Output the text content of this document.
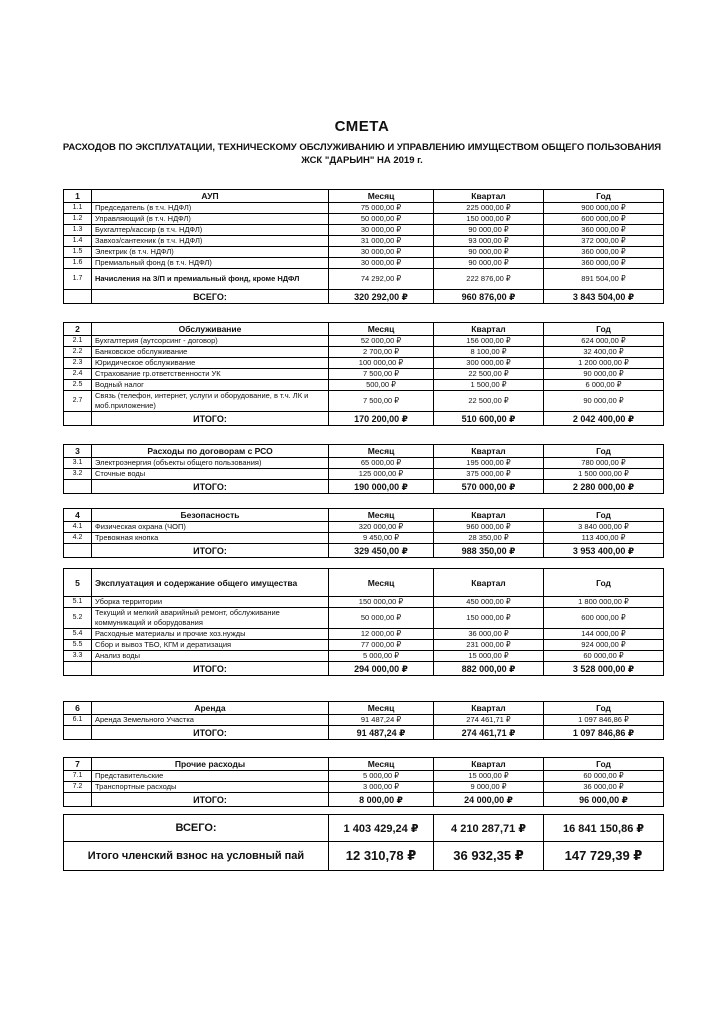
СМЕТА
РАСХОДОВ ПО ЭКСПЛУАТАЦИИ, ТЕХНИЧЕСКОМУ ОБСЛУЖИВАНИЮ И УПРАВЛЕНИЮ ИМУЩЕСТВОМ ОБЩЕГО ПОЛЬЗОВАНИЯ ЖСК "ДАРЬИН" НА 2019 г.
1	АУП	Месяц	Квартал	Год
1.1	Председатель (в т.ч. НДФЛ)	75 000,00 ₽	225 000,00 ₽	900 000,00 ₽
1.2	Управляющий (в т.ч. НДФЛ)	50 000,00 ₽	150 000,00 ₽	600 000,00 ₽
1.3	Бухгалтер/кассир (в т.ч. НДФЛ)	30 000,00 ₽	90 000,00 ₽	360 000,00 ₽
1.4	Завхоз/сантехник (в т.ч. НДФЛ)	31 000,00 ₽	93 000,00 ₽	372 000,00 ₽
1.5	Электрик (в т.ч. НДФЛ)	30 000,00 ₽	90 000,00 ₽	360 000,00 ₽
1.6	Премиальный фонд (в т.ч. НДФЛ)	30 000,00 ₽	90 000,00 ₽	360 000,00 ₽
1.7	Начисления на З/П и премиальный фонд, кроме НДФЛ	74 292,00 ₽	222 876,00 ₽	891 504,00 ₽
	ВСЕГО:	320 292,00 ₽	960 876,00 ₽	3 843 504,00 ₽
2	Обслуживание	Месяц	Квартал	Год
2.1	Бухгалтерия (аутсорсинг - договор)	52 000,00 ₽	156 000,00 ₽	624 000,00 ₽
2.2	Банковское обслуживание	2 700,00 ₽	8 100,00 ₽	32 400,00 ₽
2.3	Юридическое обслуживание	100 000,00 ₽	300 000,00 ₽	1 200 000,00 ₽
2.4	Страхование гр.ответственности УК	7 500,00 ₽	22 500,00 ₽	90 000,00 ₽
2.5	Водный налог	500,00 ₽	1 500,00 ₽	6 000,00 ₽
2.7	Связь (телефон, интернет, услуги и оборудование, в т.ч. ЛК и моб.приложение)	7 500,00 ₽	22 500,00 ₽	90 000,00 ₽
	ИТОГО:	170 200,00 ₽	510 600,00 ₽	2 042 400,00 ₽
3	Расходы по договорам с РСО	Месяц	Квартал	Год
3.1	Электроэнергия (объекты общего пользования)	65 000,00 ₽	195 000,00 ₽	780 000,00 ₽
3.2	Сточные воды	125 000,00 ₽	375 000,00 ₽	1 500 000,00 ₽
	ИТОГО:	190 000,00 ₽	570 000,00 ₽	2 280 000,00 ₽
4	Безопасность	Месяц	Квартал	Год
4.1	Физическая охрана (ЧОП)	320 000,00 ₽	960 000,00 ₽	3 840 000,00 ₽
4.2	Тревожная кнопка	9 450,00 ₽	28 350,00 ₽	113 400,00 ₽
	ИТОГО:	329 450,00 ₽	988 350,00 ₽	3 953 400,00 ₽
5	Эксплуатация и содержание общего имущества	Месяц	Квартал	Год
5.1	Уборка территории	150 000,00 ₽	450 000,00 ₽	1 800 000,00 ₽
5.2	Текущий и мелкий аварийный ремонт, обслуживание коммуникаций и оборудования	50 000,00 ₽	150 000,00 ₽	600 000,00 ₽
5.4	Расходные материалы и прочие хоз.нужды	12 000,00 ₽	36 000,00 ₽	144 000,00 ₽
5.5	Сбор и вывоз ТБО, КГМ и дератизация	77 000,00 ₽	231 000,00 ₽	924 000,00 ₽
3.3	Анализ воды	5 000,00 ₽	15 000,00 ₽	60 000,00 ₽
	ИТОГО:	294 000,00 ₽	882 000,00 ₽	3 528 000,00 ₽
6	Аренда	Месяц	Квартал	Год
6.1	Аренда Земельного Участка	91 487,24 ₽	274 461,71 ₽	1 097 846,86 ₽
	ИТОГО:	91 487,24 ₽	274 461,71 ₽	1 097 846,86 ₽
7	Прочие расходы	Месяц	Квартал	Год
7.1	Представительские	5 000,00 ₽	15 000,00 ₽	60 000,00 ₽
7.2	Транспортные расходы	3 000,00 ₽	9 000,00 ₽	36 000,00 ₽
	ИТОГО:	8 000,00 ₽	24 000,00 ₽	96 000,00 ₽
ВСЕГО:	1 403 429,24 ₽	4 210 287,71 ₽	16 841 150,86 ₽
Итого членский взнос на условный пай	12 310,78 ₽	36 932,35 ₽	147 729,39 ₽
